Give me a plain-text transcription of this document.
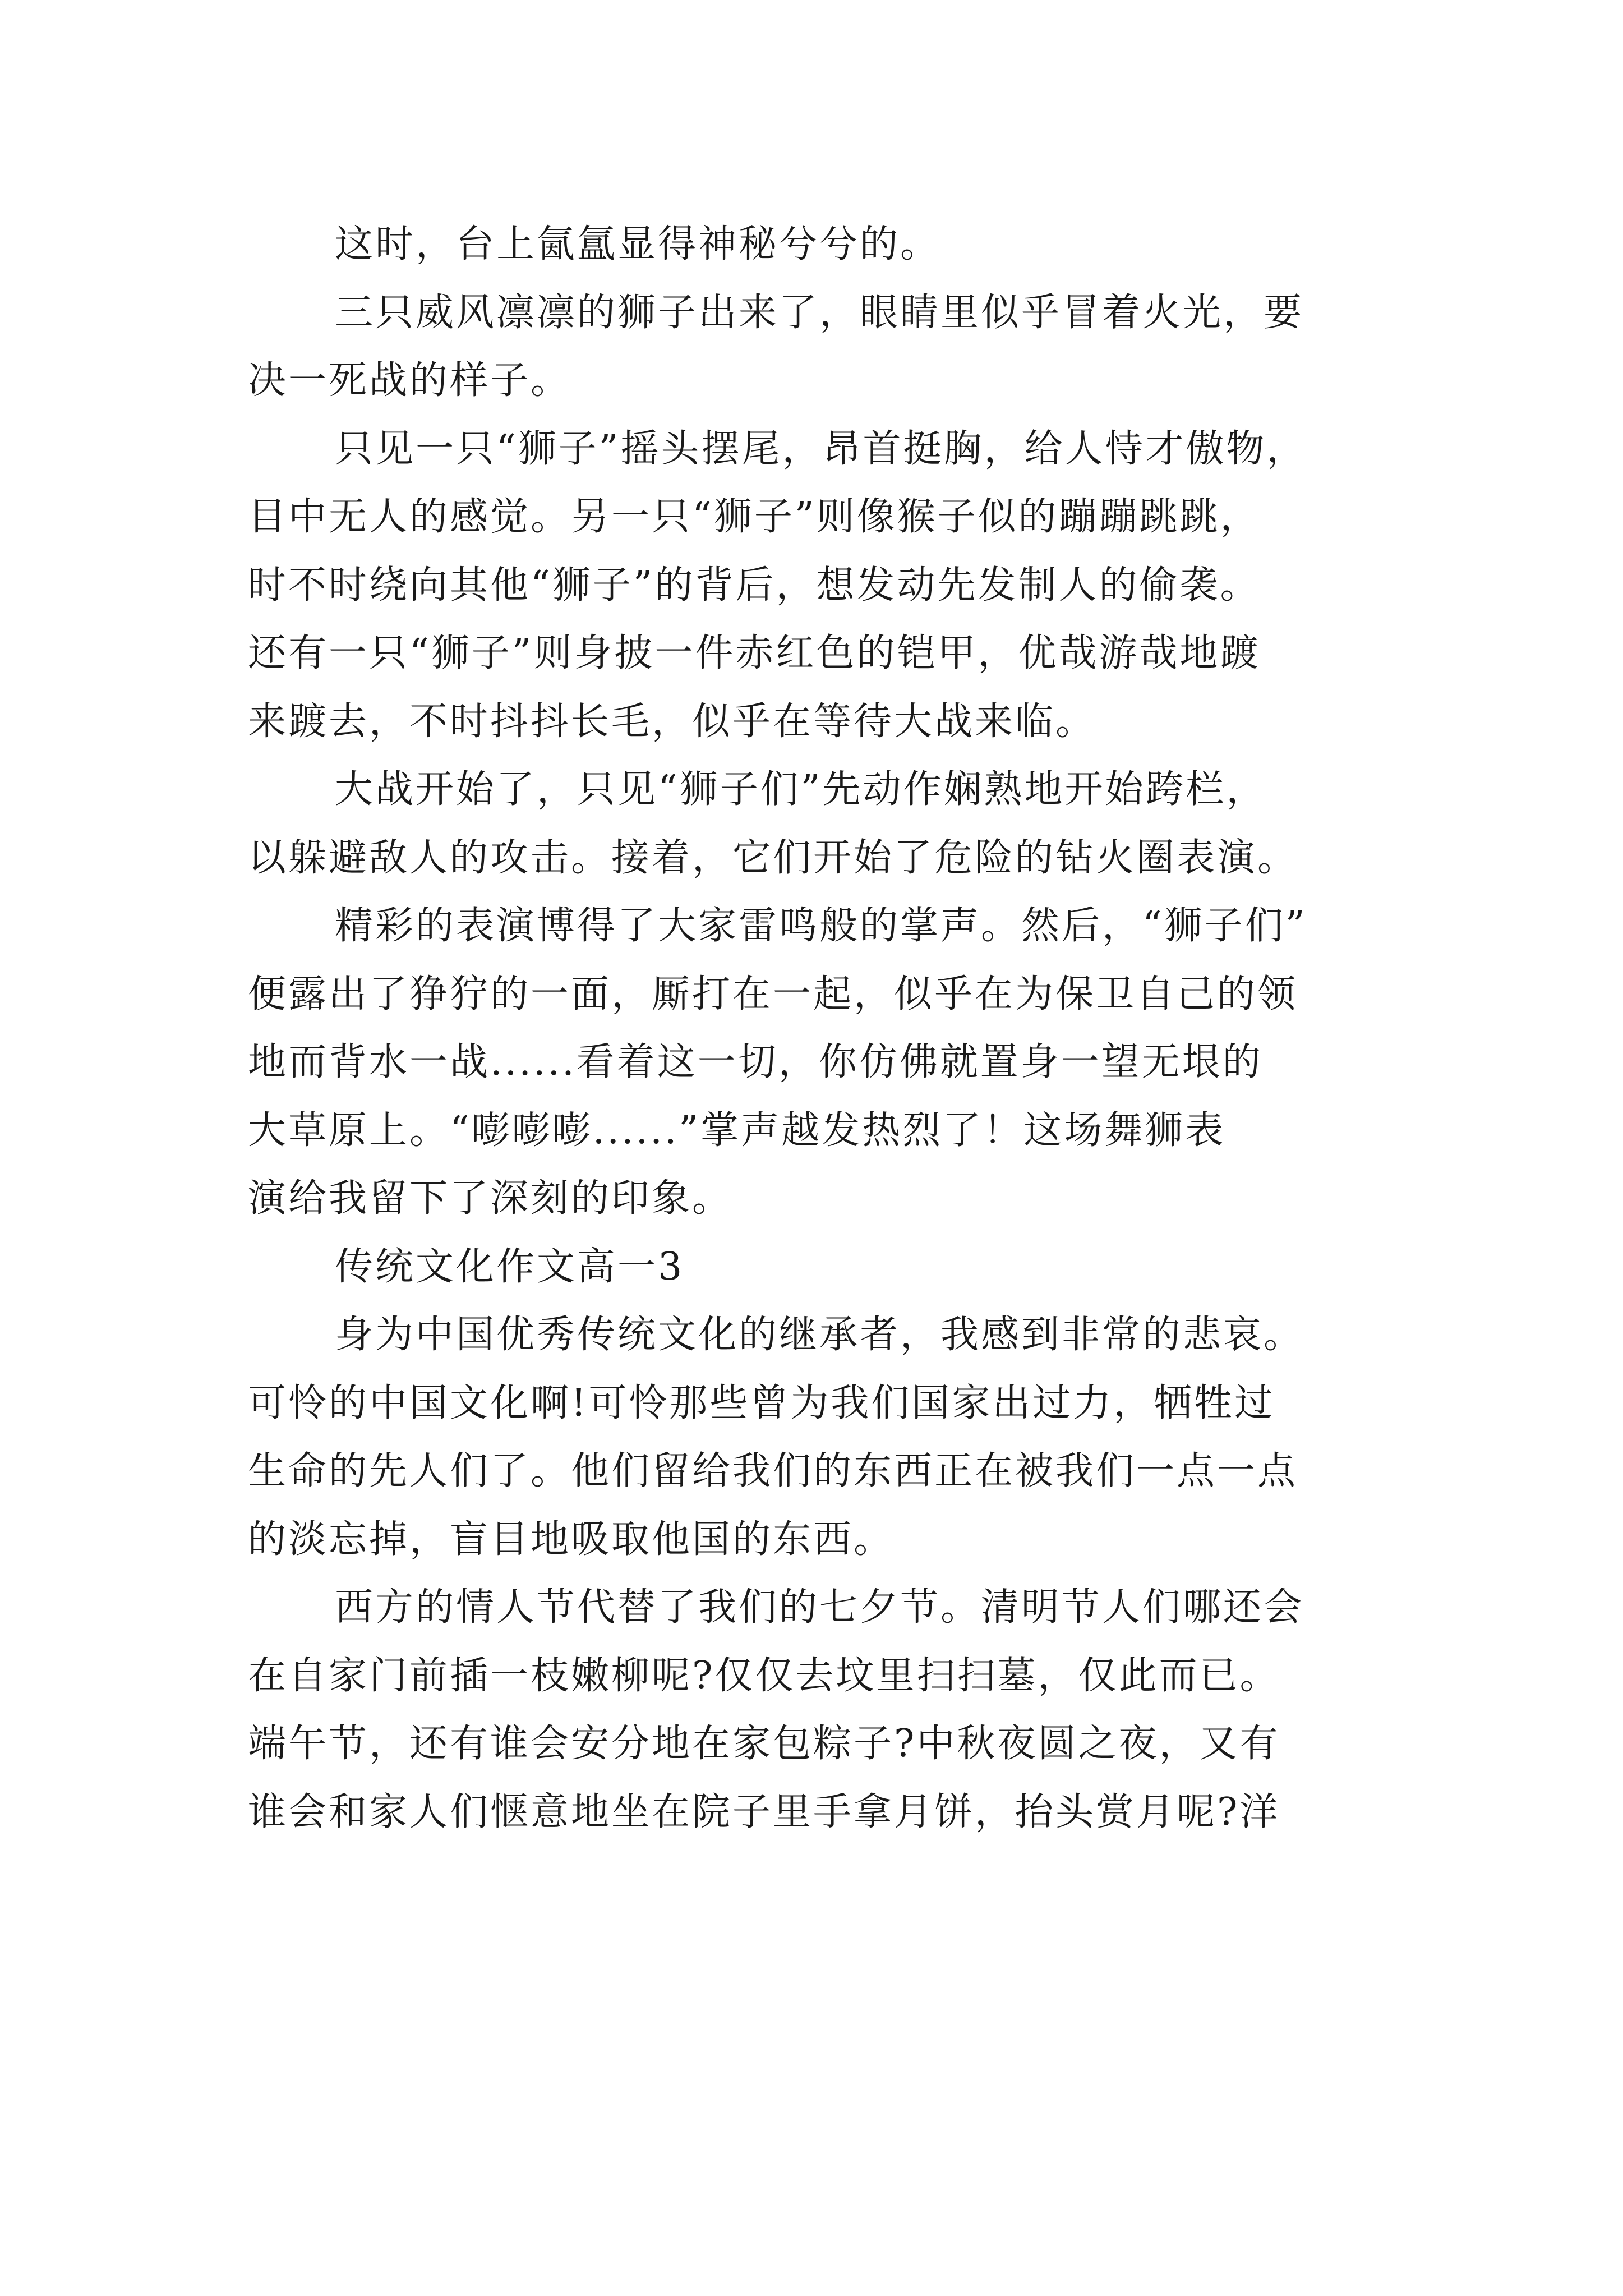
这时，台上氤氲显得神秘兮兮的。
三只威风凛凛的狮子出来了，眼睛里似乎冒着火光，要
决一死战的样子。
只见一只“狮子”摇头摆尾，昂首挺胸，给人恃才傲物，
目中无人的感觉。另一只“狮子”则像猴子似的蹦蹦跳跳，
时不时绕向其他“狮子”的背后，想发动先发制人的偷袭。
还有一只“狮子”则身披一件赤红色的铠甲，优哉游哉地踱
来踱去，不时抖抖长毛，似乎在等待大战来临。
大战开始了，只见“狮子们”先动作娴熟地开始跨栏，
以躲避敌人的攻击。接着，它们开始了危险的钻火圈表演。
精彩的表演博得了大家雷鸣般的掌声。然后，“狮子们”
便露出了狰狞的一面，厮打在一起，似乎在为保卫自己的领
地而背水一战......看着这一切，你仿佛就置身一望无垠的
大草原上。“嘭嘭嘭......”掌声越发热烈了！这场舞狮表
演给我留下了深刻的印象。
传统文化作文高一3
身为中国优秀传统文化的继承者，我感到非常的悲哀。
可怜的中国文化啊!可怜那些曾为我们国家出过力，牺牲过
生命的先人们了。他们留给我们的东西正在被我们一点一点
的淡忘掉，盲目地吸取他国的东西。
西方的情人节代替了我们的七夕节。清明节人们哪还会
在自家门前插一枝嫩柳呢?仅仅去坟里扫扫墓，仅此而已。
端午节，还有谁会安分地在家包粽子?中秋夜圆之夜，又有
谁会和家人们惬意地坐在院子里手拿月饼，抬头赏月呢?洋
